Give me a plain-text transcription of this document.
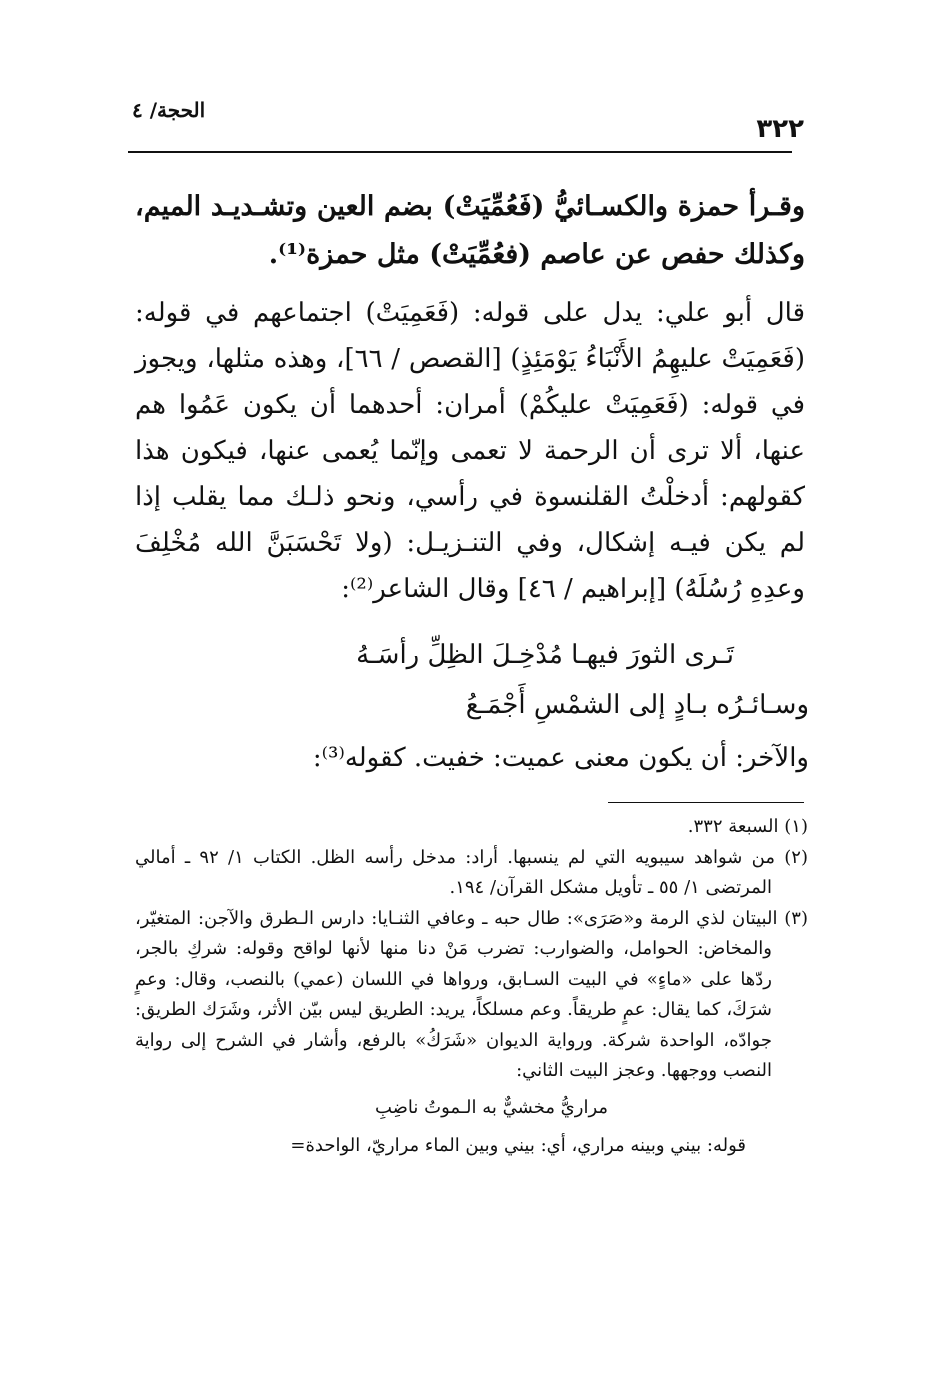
٣٢٢
الحجة/ ٤
وقـرأ حمزة والكسـائيُّ (فَعُمِّيَتْ) بضم العين وتشـديـد الميم، وكذلك حفص عن عاصم (فعُمِّيَتْ) مثل حمزة⁽¹⁾.
قال أبو علي: يدل على قوله: (فَعَمِيَتْ) اجتماعهم في قوله: (فَعَمِيَتْ عليهِمُ الأَنْبَاءُ يَوْمَئِذٍ) [القصص / ٦٦]، وهذه مثلها، ويجوز في قوله: (فَعَمِيَتْ عليكُمْ) أمران: أحدهما أن يكون عَمُوا هم عنها، ألا ترى أن الرحمة لا تعمى وإنّما يُعمى عنها، فيكون هذا كقولهم: أدخلْتُ القلنسوة في رأسي، ونحو ذلـك مما يقلب إذا لم يكن فيـه إشكال، وفي التنـزيـل: (ولا تَحْسَبَنَّ الله مُخْلِفَ وعدِهِ رُسُلَهُ) [إبراهيم / ٤٦] وقال الشاعر⁽²⁾:
تَـرى الثورَ فيهـا مُدْخِـلَ الظِلِّ رأسَـهُ
وسـائـرُه بـادٍ إلى الشمْسِ أَجْمَـعُ
والآخر: أن يكون معنى عميت: خفيت. كقوله⁽³⁾:

(١) السبعة ٣٣٢.

(٢) من شواهد سيبويه التي لم ينسبها. أراد: مدخل رأسه الظل. الكتاب ١/ ٩٢ ـ أمالي المرتضى ١/ ٥٥ ـ تأويل مشكل القرآن/ ١٩٤.

(٣) البيتان لذي الرمة و«صَرَى»: طال حبه ـ وعافي الثنـايا: دارس الـطرق والآجن: المتغيّر، والمخاض: الحوامل، والضوارب: تضرب مَنْ دنا منها لأنها لواقح وقوله: شركِ بالجر، ردّها على «ماءٍ» في البيت السـابق، ورواها في اللسان (عمي) بالنصب، وقال: وعمٍ شرَكَ، كما يقال: عمٍ طريقاً. وعم مسلكاً، يريد: الطريق ليس بيّن الأثر، وشَرَك الطريق: جوادّه، الواحدة شركة. ورواية الديوان «شَرَكُ» بالرفع، وأشار في الشرح إلى رواية النصب ووجهها. وعجز البيت الثاني:

مراريُّ مخشيٌّ به الـموتُ ناضِبِ

قوله: بيني وبينه مراري، أي: بيني وبين الماء مراريّ، الواحدة=
